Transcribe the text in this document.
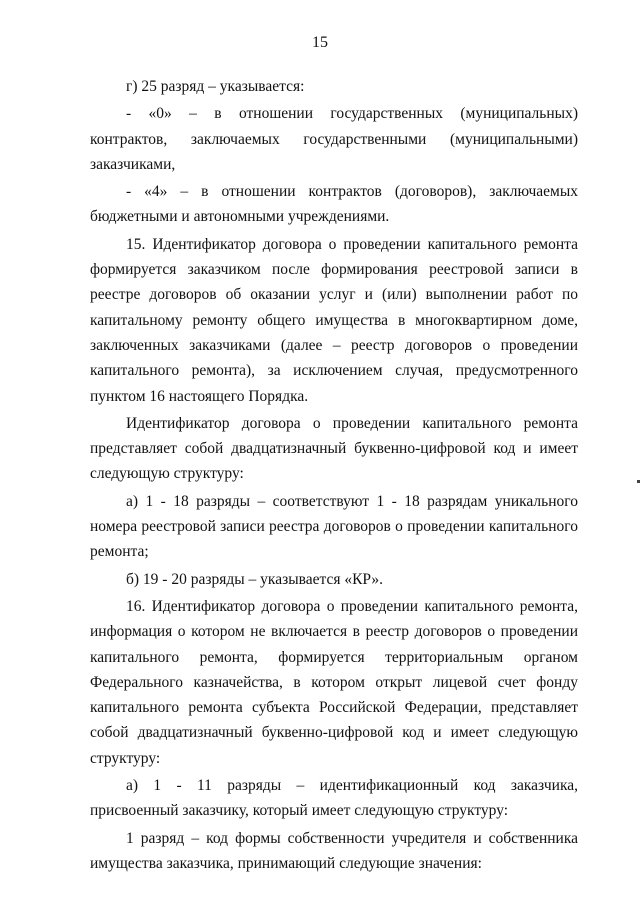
15

г) 25 разряд – указывается:

- «0» – в отношении государственных (муниципальных) контрактов, заключаемых государственными (муниципальными) заказчиками,

- «4» – в отношении контрактов (договоров), заключаемых бюджетными и автономными учреждениями.

15. Идентификатор договора о проведении капитального ремонта формируется заказчиком после формирования реестровой записи в реестре договоров об оказании услуг и (или) выполнении работ по капитальному ремонту общего имущества в многоквартирном доме, заключенных заказчиками (далее – реестр договоров о проведении капитального ремонта), за исключением случая, предусмотренного пунктом 16 настоящего Порядка.

Идентификатор договора о проведении капитального ремонта представляет собой двадцатизначный буквенно-цифровой код и имеет следующую структуру:

а) 1 - 18 разряды – соответствуют 1 - 18 разрядам уникального номера реестровой записи реестра договоров о проведении капитального ремонта;

б) 19 - 20 разряды – указывается «КР».

16. Идентификатор договора о проведении капитального ремонта, информация о котором не включается в реестр договоров о проведении капитального ремонта, формируется территориальным органом Федерального казначейства, в котором открыт лицевой счет фонду капитального ремонта субъекта Российской Федерации, представляет собой двадцатизначный буквенно-цифровой код и имеет следующую структуру:

а) 1 - 11 разряды – идентификационный код заказчика, присвоенный заказчику, который имеет следующую структуру:

1 разряд – код формы собственности учредителя и собственника имущества заказчика, принимающий следующие значения:
